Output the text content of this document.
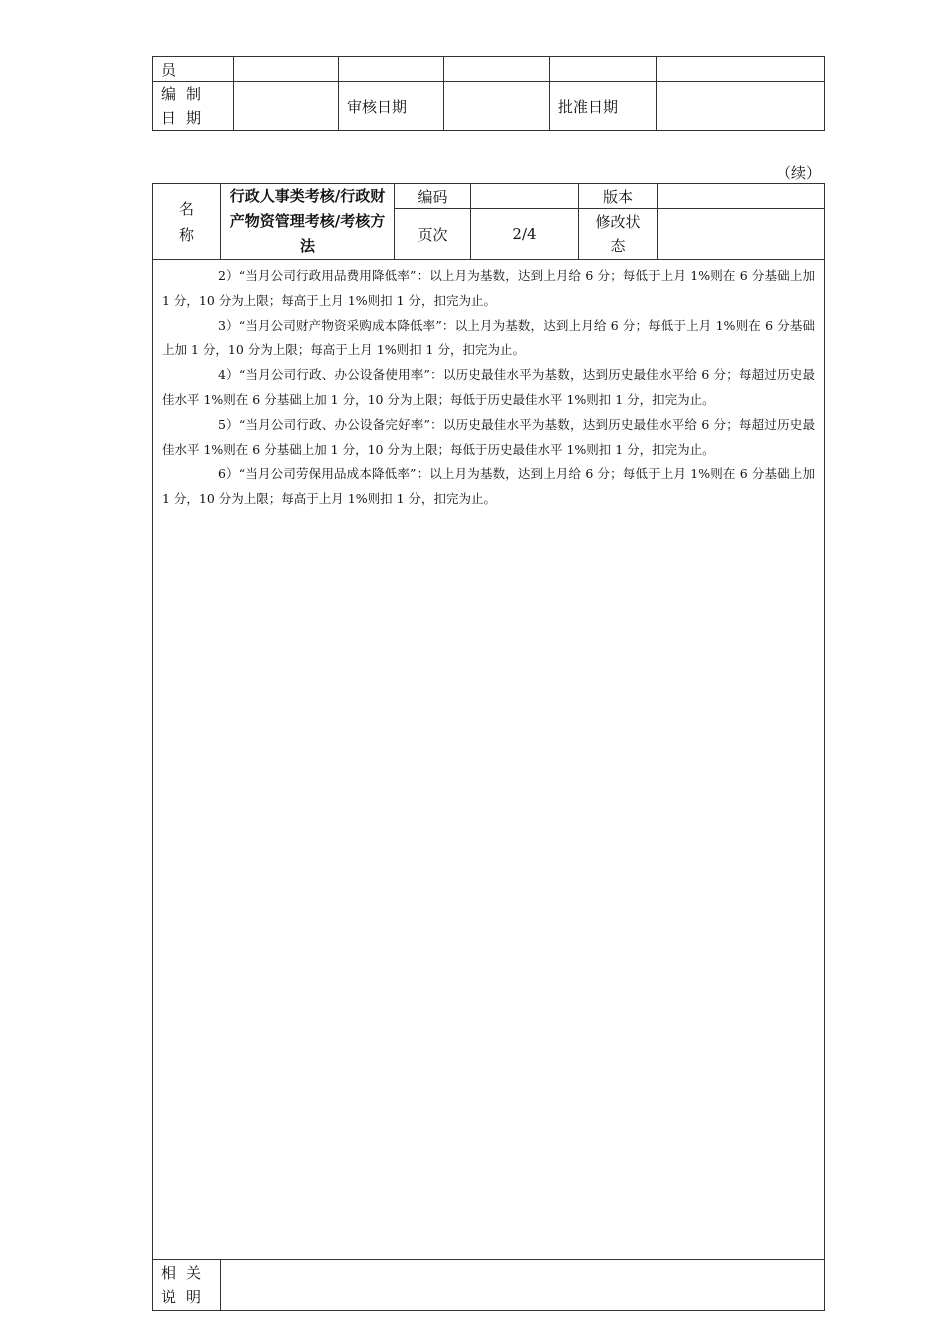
员					
编制日期		审核日期		批准日期	
（续）
名称	行政人事类考核/行政财产物资管理考核/考核方法	编码		版本	
		页次	2/4	修改状态	

2）“当月公司行政用品费用降低率”：以上月为基数，达到上月给 6 分；每低于上月 1%则在 6 分基础上加 1 分，10 分为上限；每高于上月 1%则扣 1 分，扣完为止。

3）“当月公司财产物资采购成本降低率”：以上月为基数，达到上月给 6 分；每低于上月 1%则在 6 分基础上加 1 分，10 分为上限；每高于上月 1%则扣 1 分，扣完为止。

4）“当月公司行政、办公设备使用率”：以历史最佳水平为基数，达到历史最佳水平给 6 分；每超过历史最佳水平 1%则在 6 分基础上加 1 分，10 分为上限；每低于历史最佳水平 1%则扣 1 分，扣完为止。

5）“当月公司行政、办公设备完好率”：以历史最佳水平为基数，达到历史最佳水平给 6 分；每超过历史最佳水平 1%则在 6 分基础上加 1 分，10 分为上限；每低于历史最佳水平 1%则扣 1 分，扣完为止。

6）“当月公司劳保用品成本降低率”：以上月为基数，达到上月给 6 分；每低于上月 1%则在 6 分基础上加 1 分，10 分为上限；每高于上月 1%则扣 1 分，扣完为止。					

相关说明					
